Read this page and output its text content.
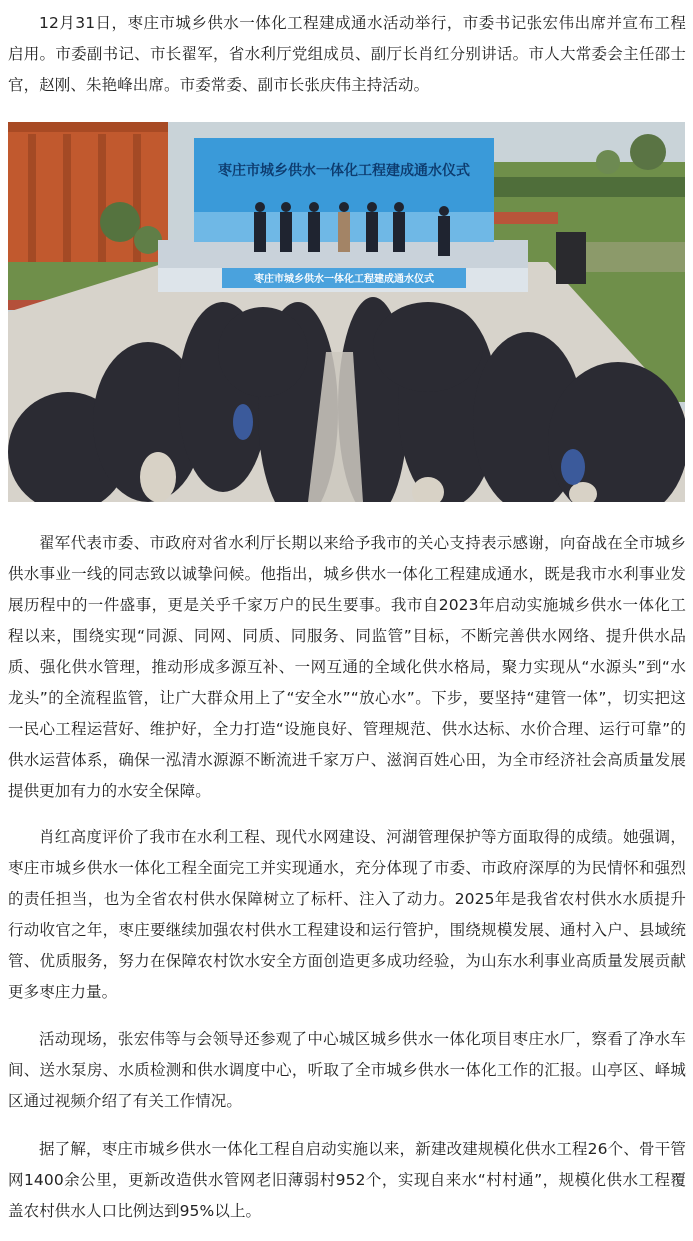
12月31日，枣庄市城乡供水一体化工程建成通水活动举行，市委书记张宏伟出席并宣布工程启用。市委副书记、市长翟军，省水利厅党组成员、副厅长肖红分别讲话。市人大常委会主任邵士官，赵刚、朱艳峰出席。市委常委、副市长张庆伟主持活动。

枣庄市城乡供水一体化工程建成通水仪式
枣庄市城乡供水一体化工程建成通水仪式

翟军代表市委、市政府对省水利厅长期以来给予我市的关心支持表示感谢，向奋战在全市城乡供水事业一线的同志致以诚挚问候。他指出，城乡供水一体化工程建成通水，既是我市水利事业发展历程中的一件盛事，更是关乎千家万户的民生要事。我市自2023年启动实施城乡供水一体化工程以来，围绕实现“同源、同网、同质、同服务、同监管”目标，不断完善供水网络、提升供水品质、强化供水管理，推动形成多源互补、一网互通的全域化供水格局，聚力实现从“水源头”到“水龙头”的全流程监管，让广大群众用上了“安全水”“放心水”。下步，要坚持“建管一体”，切实把这一民心工程运营好、维护好，全力打造“设施良好、管理规范、供水达标、水价合理、运行可靠”的供水运营体系，确保一泓清水源源不断流进千家万户、滋润百姓心田，为全市经济社会高质量发展提供更加有力的水安全保障。

肖红高度评价了我市在水利工程、现代水网建设、河湖管理保护等方面取得的成绩。她强调，枣庄市城乡供水一体化工程全面完工并实现通水，充分体现了市委、市政府深厚的为民情怀和强烈的责任担当，也为全省农村供水保障树立了标杆、注入了动力。2025年是我省农村供水水质提升行动收官之年，枣庄要继续加强农村供水工程建设和运行管护，围绕规模发展、通村入户、县域统管、优质服务，努力在保障农村饮水安全方面创造更多成功经验，为山东水利事业高质量发展贡献更多枣庄力量。

活动现场，张宏伟等与会领导还参观了中心城区城乡供水一体化项目枣庄水厂，察看了净水车间、送水泵房、水质检测和供水调度中心，听取了全市城乡供水一体化工作的汇报。山亭区、峄城区通过视频介绍了有关工作情况。

据了解，枣庄市城乡供水一体化工程自启动实施以来，新建改建规模化供水工程26个、骨干管网1400余公里，更新改造供水管网老旧薄弱村952个，实现自来水“村村通”，规模化供水工程覆盖农村供水人口比例达到95%以上。
